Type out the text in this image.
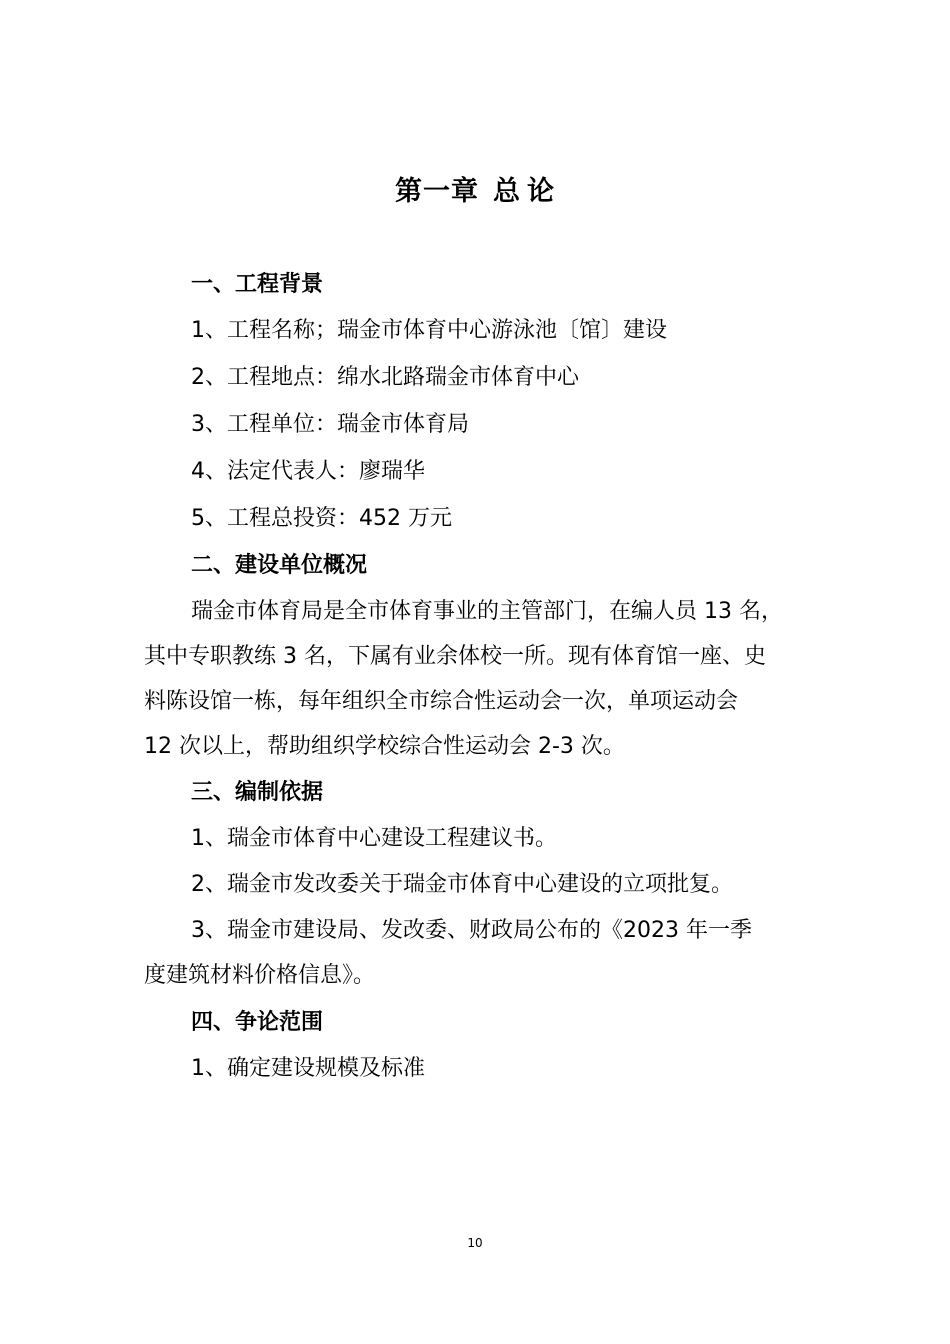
第一章 总 论
一、工程背景
1、工程名称；瑞金市体育中心游泳池〔馆〕建设
2、工程地点：绵水北路瑞金市体育中心
3、工程单位：瑞金市体育局
4、法定代表人：廖瑞华
5、工程总投资：452 万元
二、建设单位概况
瑞金市体育局是全市体育事业的主管部门，在编人员 13 名，
其中专职教练 3 名，下属有业余体校一所。现有体育馆一座、史
料陈设馆一栋，每年组织全市综合性运动会一次，单项运动会
12 次以上，帮助组织学校综合性运动会 2-3 次。
三、编制依据
1、瑞金市体育中心建设工程建议书。
2、瑞金市发改委关于瑞金市体育中心建设的立项批复。
3、瑞金市建设局、发改委、财政局公布的《2023 年一季
度建筑材料价格信息》。
四、争论范围
1、确定建设规模及标准
10
